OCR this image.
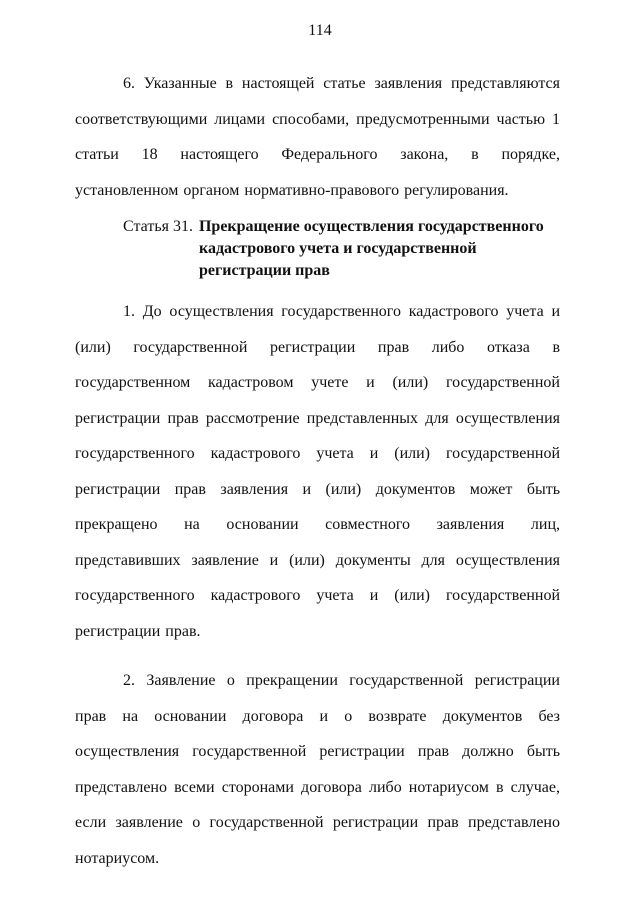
114

6. Указанные в настоящей статье заявления представляются соответствующими лицами способами, предусмотренными частью 1 статьи 18 настоящего Федерального закона, в порядке, установленном органом нормативно-правового регулирования.

Статья 31. Прекращение осуществления государственного кадастрового учета и государственной регистрации прав

1. До осуществления государственного кадастрового учета и (или) государственной регистрации прав либо отказа в государственном кадастровом учете и (или) государственной регистрации прав рассмотрение представленных для осуществления государственного кадастрового учета и (или) государственной регистрации прав заявления и (или) документов может быть прекращено на основании совместного заявления лиц, представивших заявление и (или) документы для осуществления государственного кадастрового учета и (или) государственной регистрации прав.

2. Заявление о прекращении государственной регистрации прав на основании договора и о возврате документов без осуществления государственной регистрации прав должно быть представлено всеми сторонами договора либо нотариусом в случае, если заявление о государственной регистрации прав представлено нотариусом.
